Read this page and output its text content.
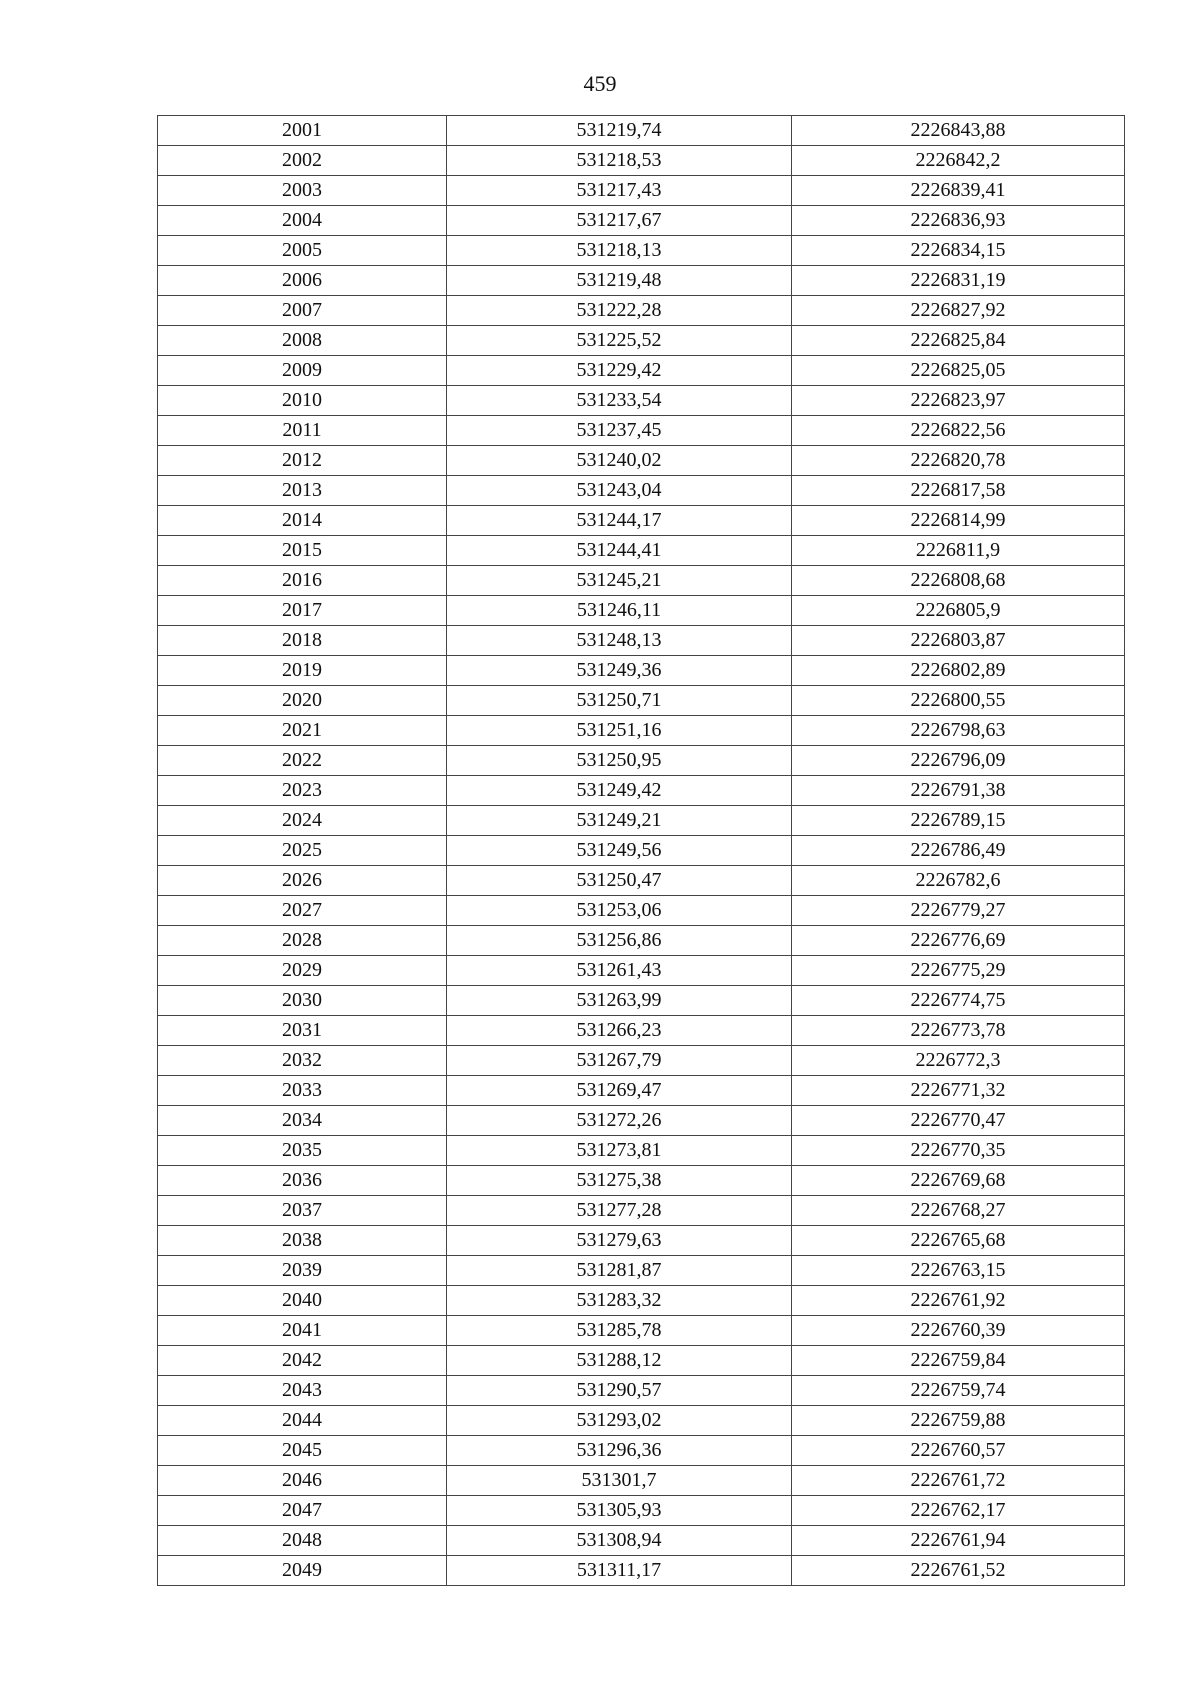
459
2001	531219,74	2226843,88
2002	531218,53	2226842,2
2003	531217,43	2226839,41
2004	531217,67	2226836,93
2005	531218,13	2226834,15
2006	531219,48	2226831,19
2007	531222,28	2226827,92
2008	531225,52	2226825,84
2009	531229,42	2226825,05
2010	531233,54	2226823,97
2011	531237,45	2226822,56
2012	531240,02	2226820,78
2013	531243,04	2226817,58
2014	531244,17	2226814,99
2015	531244,41	2226811,9
2016	531245,21	2226808,68
2017	531246,11	2226805,9
2018	531248,13	2226803,87
2019	531249,36	2226802,89
2020	531250,71	2226800,55
2021	531251,16	2226798,63
2022	531250,95	2226796,09
2023	531249,42	2226791,38
2024	531249,21	2226789,15
2025	531249,56	2226786,49
2026	531250,47	2226782,6
2027	531253,06	2226779,27
2028	531256,86	2226776,69
2029	531261,43	2226775,29
2030	531263,99	2226774,75
2031	531266,23	2226773,78
2032	531267,79	2226772,3
2033	531269,47	2226771,32
2034	531272,26	2226770,47
2035	531273,81	2226770,35
2036	531275,38	2226769,68
2037	531277,28	2226768,27
2038	531279,63	2226765,68
2039	531281,87	2226763,15
2040	531283,32	2226761,92
2041	531285,78	2226760,39
2042	531288,12	2226759,84
2043	531290,57	2226759,74
2044	531293,02	2226759,88
2045	531296,36	2226760,57
2046	531301,7	2226761,72
2047	531305,93	2226762,17
2048	531308,94	2226761,94
2049	531311,17	2226761,52
